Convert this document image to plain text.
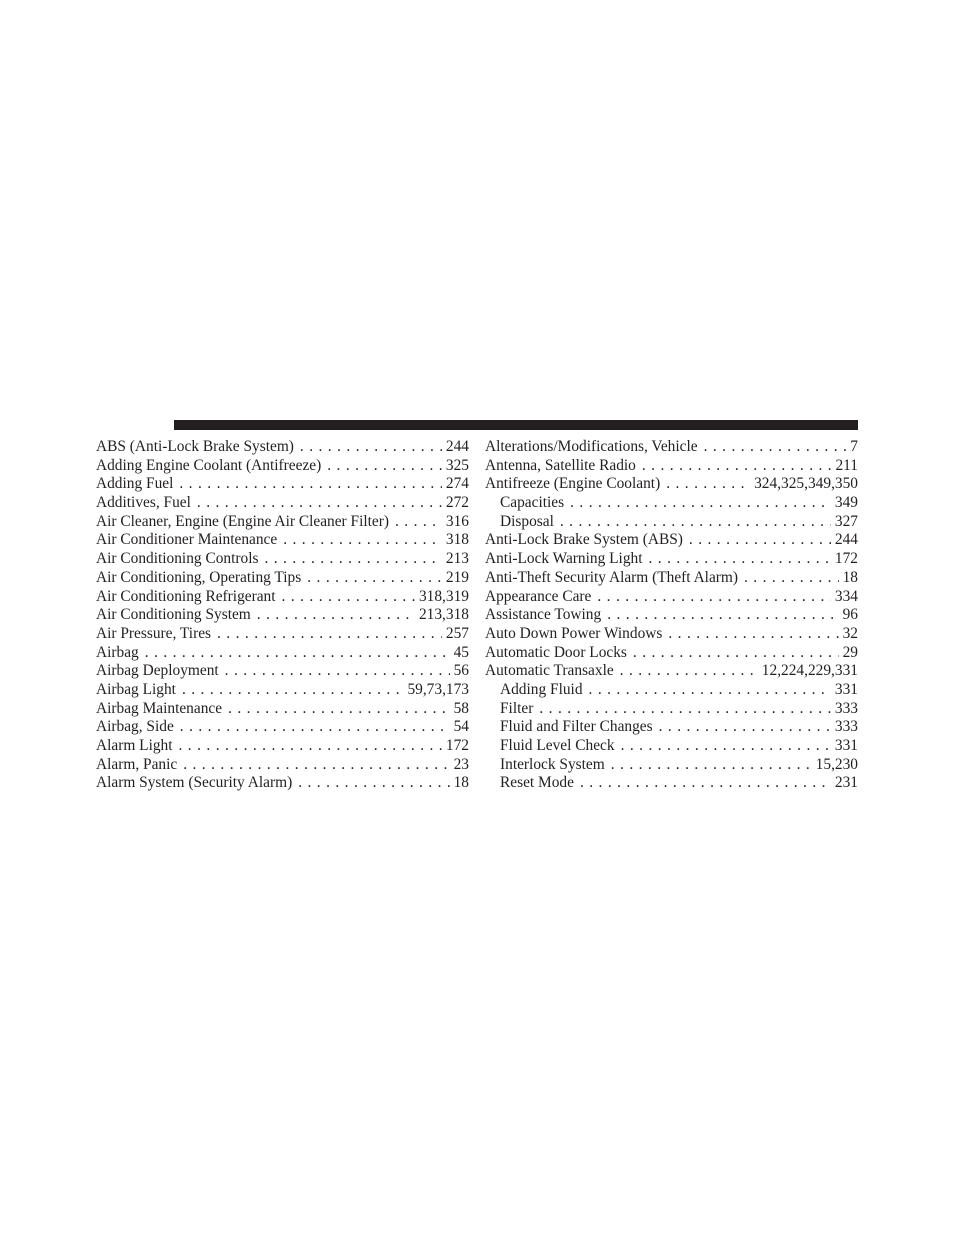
ABS (Anti-Lock Brake System) . . .	244
Adding Engine Coolant (Antifreeze) . . .	325
Adding Fuel . . .	274
Additives, Fuel . . .	272
Air Cleaner, Engine (Engine Air Cleaner Filter) . . .	316
Air Conditioner Maintenance . . .	318
Air Conditioning Controls . . .	213
Air Conditioning, Operating Tips . . .	219
Air Conditioning Refrigerant . . .	318,319
Air Conditioning System . . .	213,318
Air Pressure, Tires . . .	257
Airbag . . .	45
Airbag Deployment . . .	56
Airbag Light . . .	59,73,173
Airbag Maintenance . . .	58
Airbag, Side . . .	54
Alarm Light . . .	172
Alarm, Panic . . .	23
Alarm System (Security Alarm) . . .	18
Alterations/Modifications, Vehicle . . .	7
Antenna, Satellite Radio . . .	211
Antifreeze (Engine Coolant) . . .	324,325,349,350
Capacities . . .	349
Disposal . . .	327
Anti-Lock Brake System (ABS) . . .	244
Anti-Lock Warning Light . . .	172
Anti-Theft Security Alarm (Theft Alarm) . . .	18
Appearance Care . . .	334
Assistance Towing . . .	96
Auto Down Power Windows . . .	32
Automatic Door Locks . . .	29
Automatic Transaxle . . .	12,224,229,331
Adding Fluid . . .	331
Filter . . .	333
Fluid and Filter Changes . . .	333
Fluid Level Check . . .	331
Interlock System . . .	15,230
Reset Mode . . .	231
